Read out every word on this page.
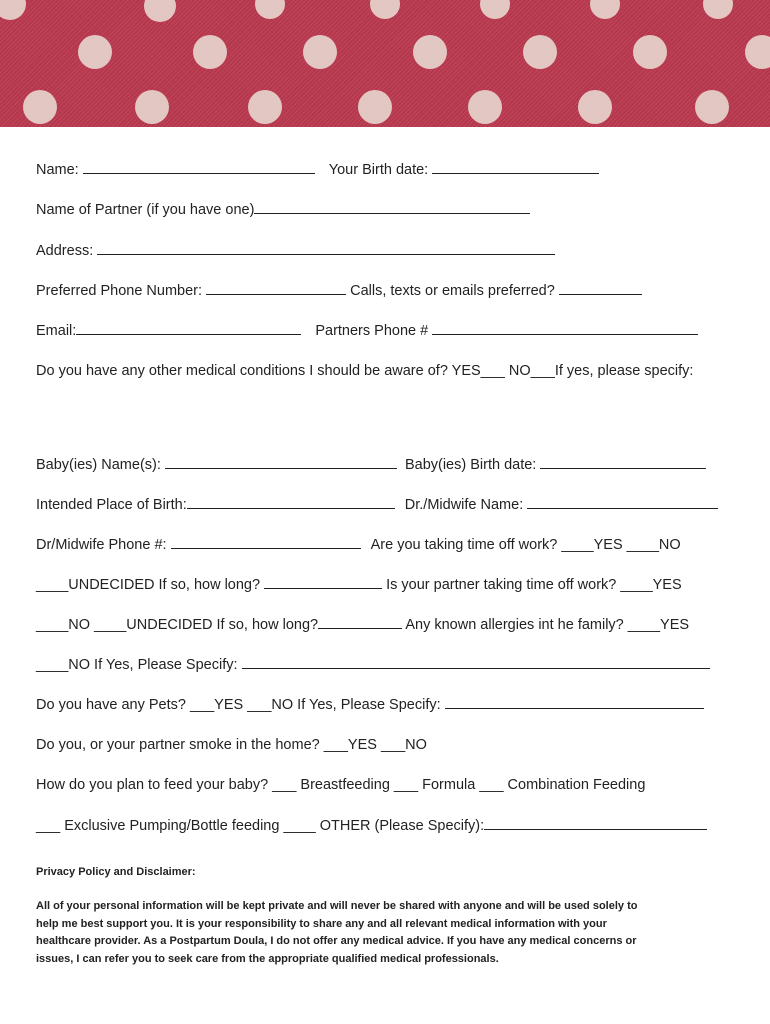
Name:	Your Birth date:
Name of Partner (if you have one)
Address:
Preferred Phone Number:	Calls, texts or emails preferred?
Email:	Partners Phone #
Do you have any other medical conditions I should be aware of? YES___ NO___If yes, please specify:
Baby(ies) Name(s):	Baby(ies) Birth date:
Intended Place of Birth:	Dr./Midwife Name:
Dr/Midwife Phone #:	Are you taking time off work? ____YES ____NO
____UNDECIDED If so, how long?	Is your partner taking time off work? ____YES
____NO ____UNDECIDED If so, how long?	Any known allergies int he family? ____YES
____NO If Yes, Please Specify:
Do you have any Pets? ___YES ___NO If Yes, Please Specify:
Do you, or your partner smoke in the home? ___YES ___NO
How do you plan to feed your baby? ___ Breastfeeding ___ Formula ___ Combination Feeding
___ Exclusive Pumping/Bottle feeding ____ OTHER (Please Specify):
Privacy Policy and Disclaimer:
All of your personal information will be kept private and will never be shared with anyone and will be used solely to
help me best support you. It is your responsibility to share any and all relevant medical information with your
healthcare provider. As a Postpartum Doula, I do not offer any medical advice. If you have any medical concerns or
issues, I can refer you to seek care from the appropriate qualified medical professionals.
